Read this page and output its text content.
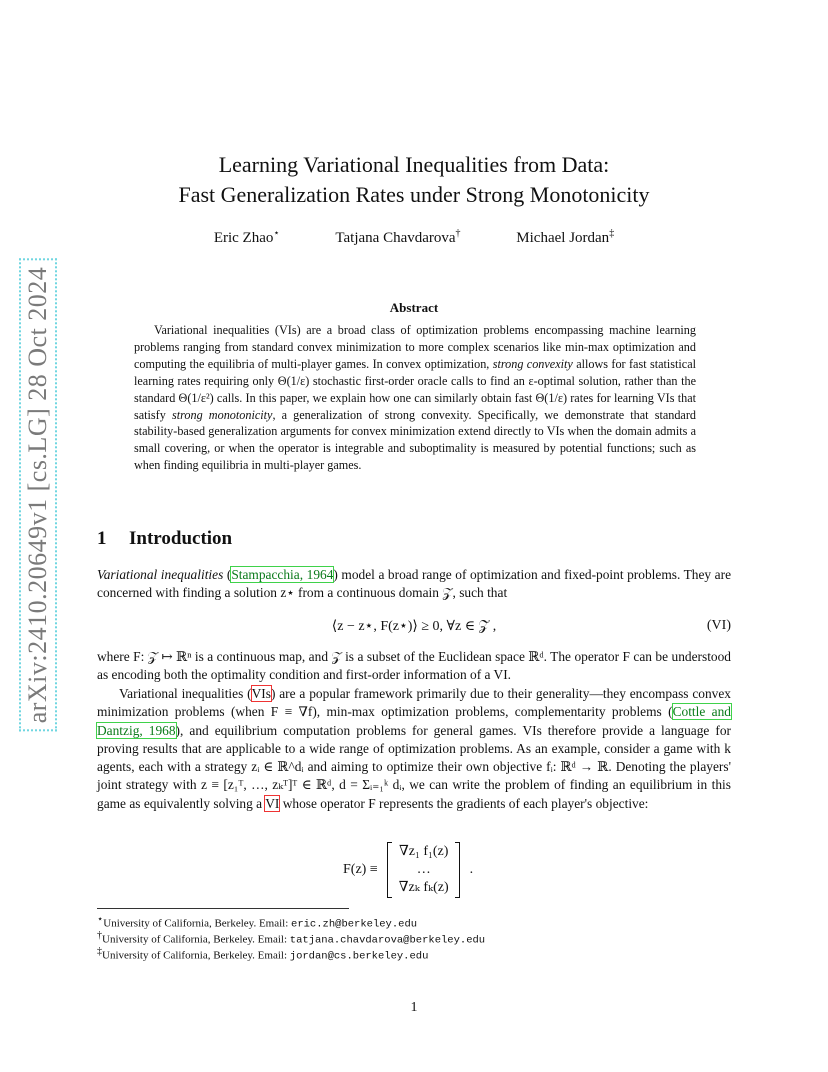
arXiv:2410.20649v1 [cs.LG] 28 Oct 2024
Learning Variational Inequalities from Data:
Fast Generalization Rates under Strong Monotonicity
Eric Zhao⋆	Tatjana Chavdarova†	Michael Jordan‡
Abstract
Variational inequalities (VIs) are a broad class of optimization problems encompassing machine learning problems ranging from standard convex minimization to more complex scenarios like min-max optimization and computing the equilibria of multi-player games. In convex optimization, strong convexity allows for fast statistical learning rates requiring only Θ(1/ε) stochastic first-order oracle calls to find an ε-optimal solution, rather than the standard Θ(1/ε²) calls. In this paper, we explain how one can similarly obtain fast Θ(1/ε) rates for learning VIs that satisfy strong monotonicity, a generalization of strong convexity. Specifically, we demonstrate that standard stability-based generalization arguments for convex minimization extend directly to VIs when the domain admits a small covering, or when the operator is integrable and suboptimality is measured by potential functions; such as when finding equilibria in multi-player games.
1 Introduction
Variational inequalities (Stampacchia, 1964) model a broad range of optimization and fixed-point problems. They are concerned with finding a solution z⋆ from a continuous domain 𝒵, such that
⟨z − z⋆, F(z⋆)⟩ ≥ 0, ∀z ∈ 𝒵 ,	(VI)
where F: 𝒵 ↦ ℝⁿ is a continuous map, and 𝒵 is a subset of the Euclidean space ℝᵈ. The operator F can be understood as encoding both the optimality condition and first-order information of a VI.
Variational inequalities (VIs) are a popular framework primarily due to their generality—they encompass convex minimization problems (when F ≡ ∇f), min-max optimization problems, complementarity problems (Cottle and Dantzig, 1968), and equilibrium computation problems for general games. VIs therefore provide a language for proving results that are applicable to a wide range of optimization problems. As an example, consider a game with k agents, each with a strategy zᵢ ∈ ℝ^dᵢ and aiming to optimize their own objective fᵢ: ℝᵈ → ℝ. Denoting the players' joint strategy with z ≡ [z₁ᵀ, …, zₖᵀ]ᵀ ∈ ℝᵈ, d = Σᵢ₌₁ᵏ dᵢ, we can write the problem of finding an equilibrium in this game as equivalently solving a VI whose operator F represents the gradients of each player's objective:
F(z) ≡
∇z₁ f₁(z)
…
∇zₖ fₖ(z)
.
⋆University of California, Berkeley. Email: eric.zh@berkeley.edu
†University of California, Berkeley. Email: tatjana.chavdarova@berkeley.edu
‡University of California, Berkeley. Email: jordan@cs.berkeley.edu
1
